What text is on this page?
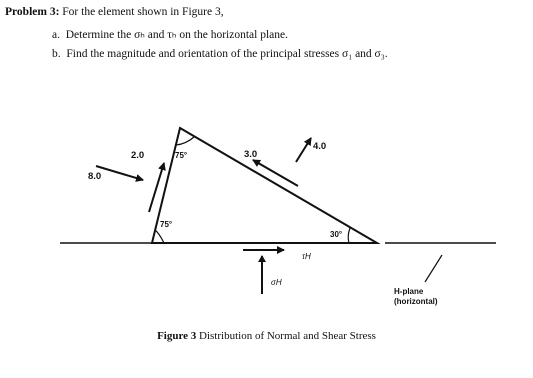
Problem 3: For the element shown in Figure 3,
a. Determine the σₕ and τₕ on the horizontal plane.
b. Find the magnitude and orientation of the principal stresses σ₁ and σ₃.
2.0
8.0
3.0
4.0
75°
75°
30°
τH
σH
H-plane
(horizontal)
Figure 3 Distribution of Normal and Shear Stress
